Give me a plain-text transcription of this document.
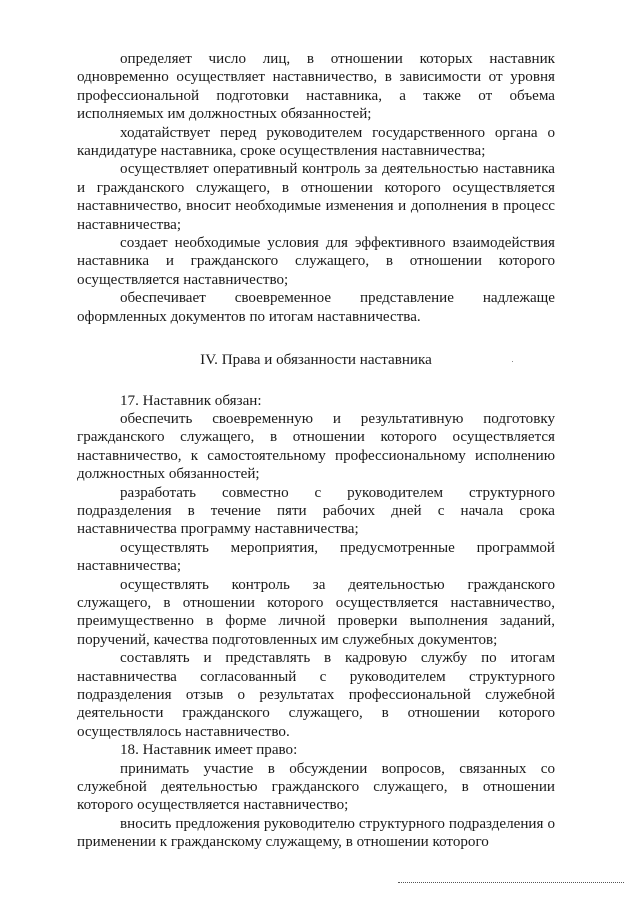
определяет число лиц, в отношении которых наставник одновременно осуществляет наставничество, в зависимости от уровня профессиональной подготовки наставника, а также от объема исполняемых им должностных обязанностей;

ходатайствует перед руководителем государственного органа о кандидатуре наставника, сроке осуществления наставничества;

осуществляет оперативный контроль за деятельностью наставника и гражданского служащего, в отношении которого осуществляется наставничество, вносит необходимые изменения и дополнения в процесс наставничества;

создает необходимые условия для эффективного взаимодействия наставника и гражданского служащего, в отношении которого осуществляется наставничество;

обеспечивает своевременное представление надлежаще оформленных документов по итогам наставничества.

IV. Права и обязанности наставника

17. Наставник обязан:

обеспечить своевременную и результативную подготовку гражданского служащего, в отношении которого осуществляется наставничество, к самостоятельному профессиональному исполнению должностных обязанностей;

разработать совместно с руководителем структурного подразделения в течение пяти рабочих дней с начала срока наставничества программу наставничества;

осуществлять мероприятия, предусмотренные программой наставничества;

осуществлять контроль за деятельностью гражданского служащего, в отношении которого осуществляется наставничество, преимущественно в форме личной проверки выполнения заданий, поручений, качества подготовленных им служебных документов;

составлять и представлять в кадровую службу по итогам наставничества согласованный с руководителем структурного подразделения отзыв о результатах профессиональной служебной деятельности гражданского служащего, в отношении которого осуществлялось наставничество.

18. Наставник имеет право:

принимать участие в обсуждении вопросов, связанных со служебной деятельностью гражданского служащего, в отношении которого осуществляется наставничество;

вносить предложения руководителю структурного подразделения о применении к гражданскому служащему, в отношении которого
